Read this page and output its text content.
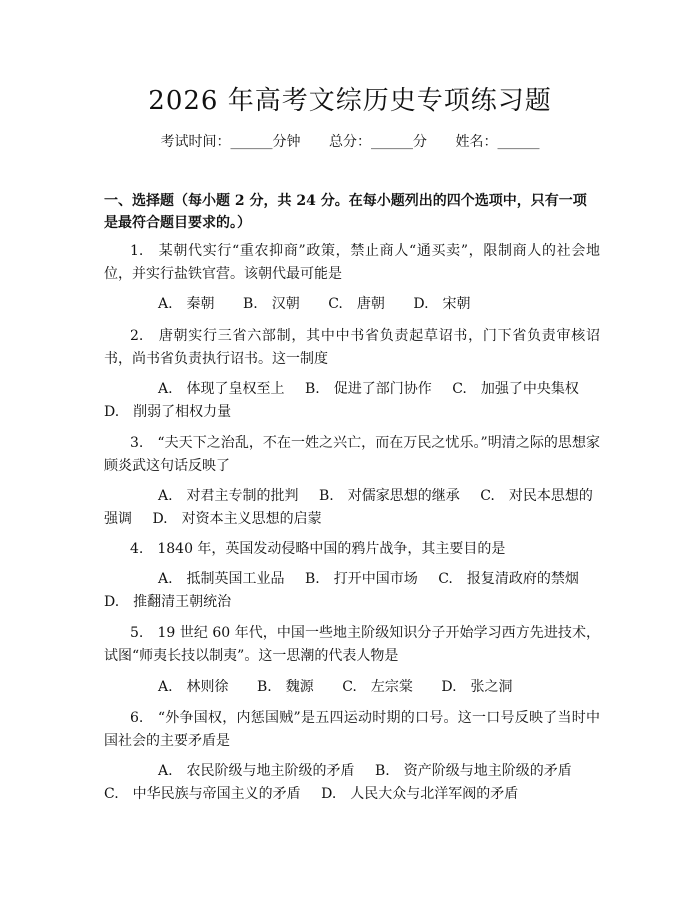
2026 年高考文综历史专项练习题
考试时间：______分钟 总分：______分 姓名：______
一、选择题（每小题 2 分，共 24 分。在每小题列出的四个选项中，只有一项是最符合题目要求的。）
1.　某朝代实行“重农抑商”政策，禁止商人“通买卖”，限制商人的社会地位，并实行盐铁官营。该朝代最可能是
A.　秦朝 B.　汉朝 C.　唐朝 D.　宋朝
2.　唐朝实行三省六部制，其中中书省负责起草诏书，门下省负责审核诏书，尚书省负责执行诏书。这一制度
A.　体现了皇权至上 B.　促进了部门协作 C.　加强了中央集权 D.　削弱了相权力量
3.　“夫天下之治乱，不在一姓之兴亡，而在万民之忧乐。”明清之际的思想家顾炎武这句话反映了
A.　对君主专制的批判 B.　对儒家思想的继承 C.　对民本思想的强调 D.　对资本主义思想的启蒙
4.　1840 年，英国发动侵略中国的鸦片战争，其主要目的是
A.　抵制英国工业品 B.　打开中国市场 C.　报复清政府的禁烟 D.　推翻清王朝统治
5.　19 世纪 60 年代，中国一些地主阶级知识分子开始学习西方先进技术，试图“师夷长技以制夷”。这一思潮的代表人物是
A.　林则徐 B.　魏源 C.　左宗棠 D.　张之洞
6.　“外争国权，内惩国贼”是五四运动时期的口号。这一口号反映了当时中国社会的主要矛盾是
A.　农民阶级与地主阶级的矛盾 B.　资产阶级与地主阶级的矛盾 C.　中华民族与帝国主义的矛盾 D.　人民大众与北洋军阀的矛盾
